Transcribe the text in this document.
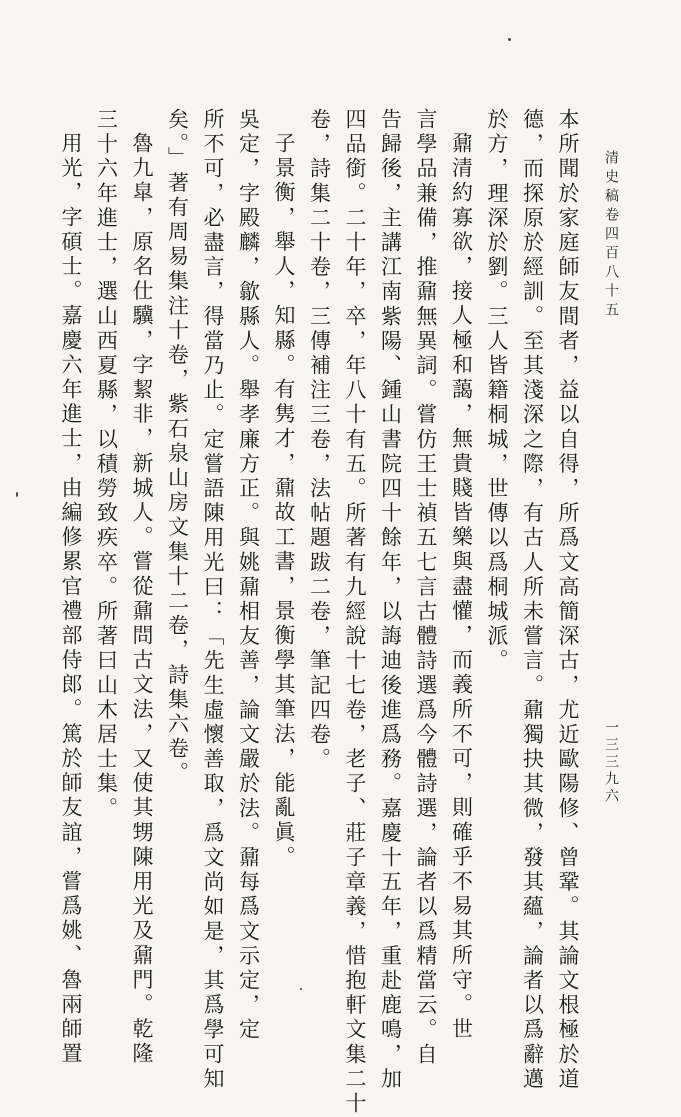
清史稿卷四百八十五
一三三九六
本所聞於家庭師友間者，益以自得，所爲文高簡深古，尤近歐陽修、曾鞏。其論文根極於道
德，而探原於經訓。至其淺深之際，有古人所未嘗言。鼐獨抉其微，發其蘊，論者以爲辭邁
於方，理深於劉。三人皆籍桐城，世傳以爲桐城派。
鼐清約寡欲，接人極和藹，無貴賤皆樂與盡懽，而義所不可，則確乎不易其所守。世
言學品兼備，推鼐無異詞。嘗仿王士禎五七言古體詩選爲今體詩選，論者以爲精當云。自
告歸後，主講江南紫陽、鍾山書院四十餘年，以誨迪後進爲務。嘉慶十五年，重赴鹿鳴，加
四品銜。二十年，卒，年八十有五。所著有九經說十七卷，老子、莊子章義，惜抱軒文集二十
卷，詩集二十卷，三傳補注三卷，法帖題跋二卷，筆記四卷。
子景衡，舉人，知縣。有隽才，鼐故工書，景衡學其筆法，能亂眞。
吳定，字殿麟，歙縣人。舉孝廉方正。與姚鼐相友善，論文嚴於法。鼐每爲文示定，定
所不可，必盡言，得當乃止。定嘗語陳用光曰：「先生虛懷善取，爲文尚如是，其爲學可知
矣。」著有周易集注十卷，紫石泉山房文集十二卷，詩集六卷。
魯九皐，原名仕驥，字絜非，新城人。嘗從鼐問古文法，又使其甥陳用光及鼐門。乾隆
三十六年進士，選山西夏縣，以積勞致疾卒。所著曰山木居士集。
用光，字碩士。嘉慶六年進士，由編修累官禮部侍郎。篤於師友誼，嘗爲姚、魯兩師置
